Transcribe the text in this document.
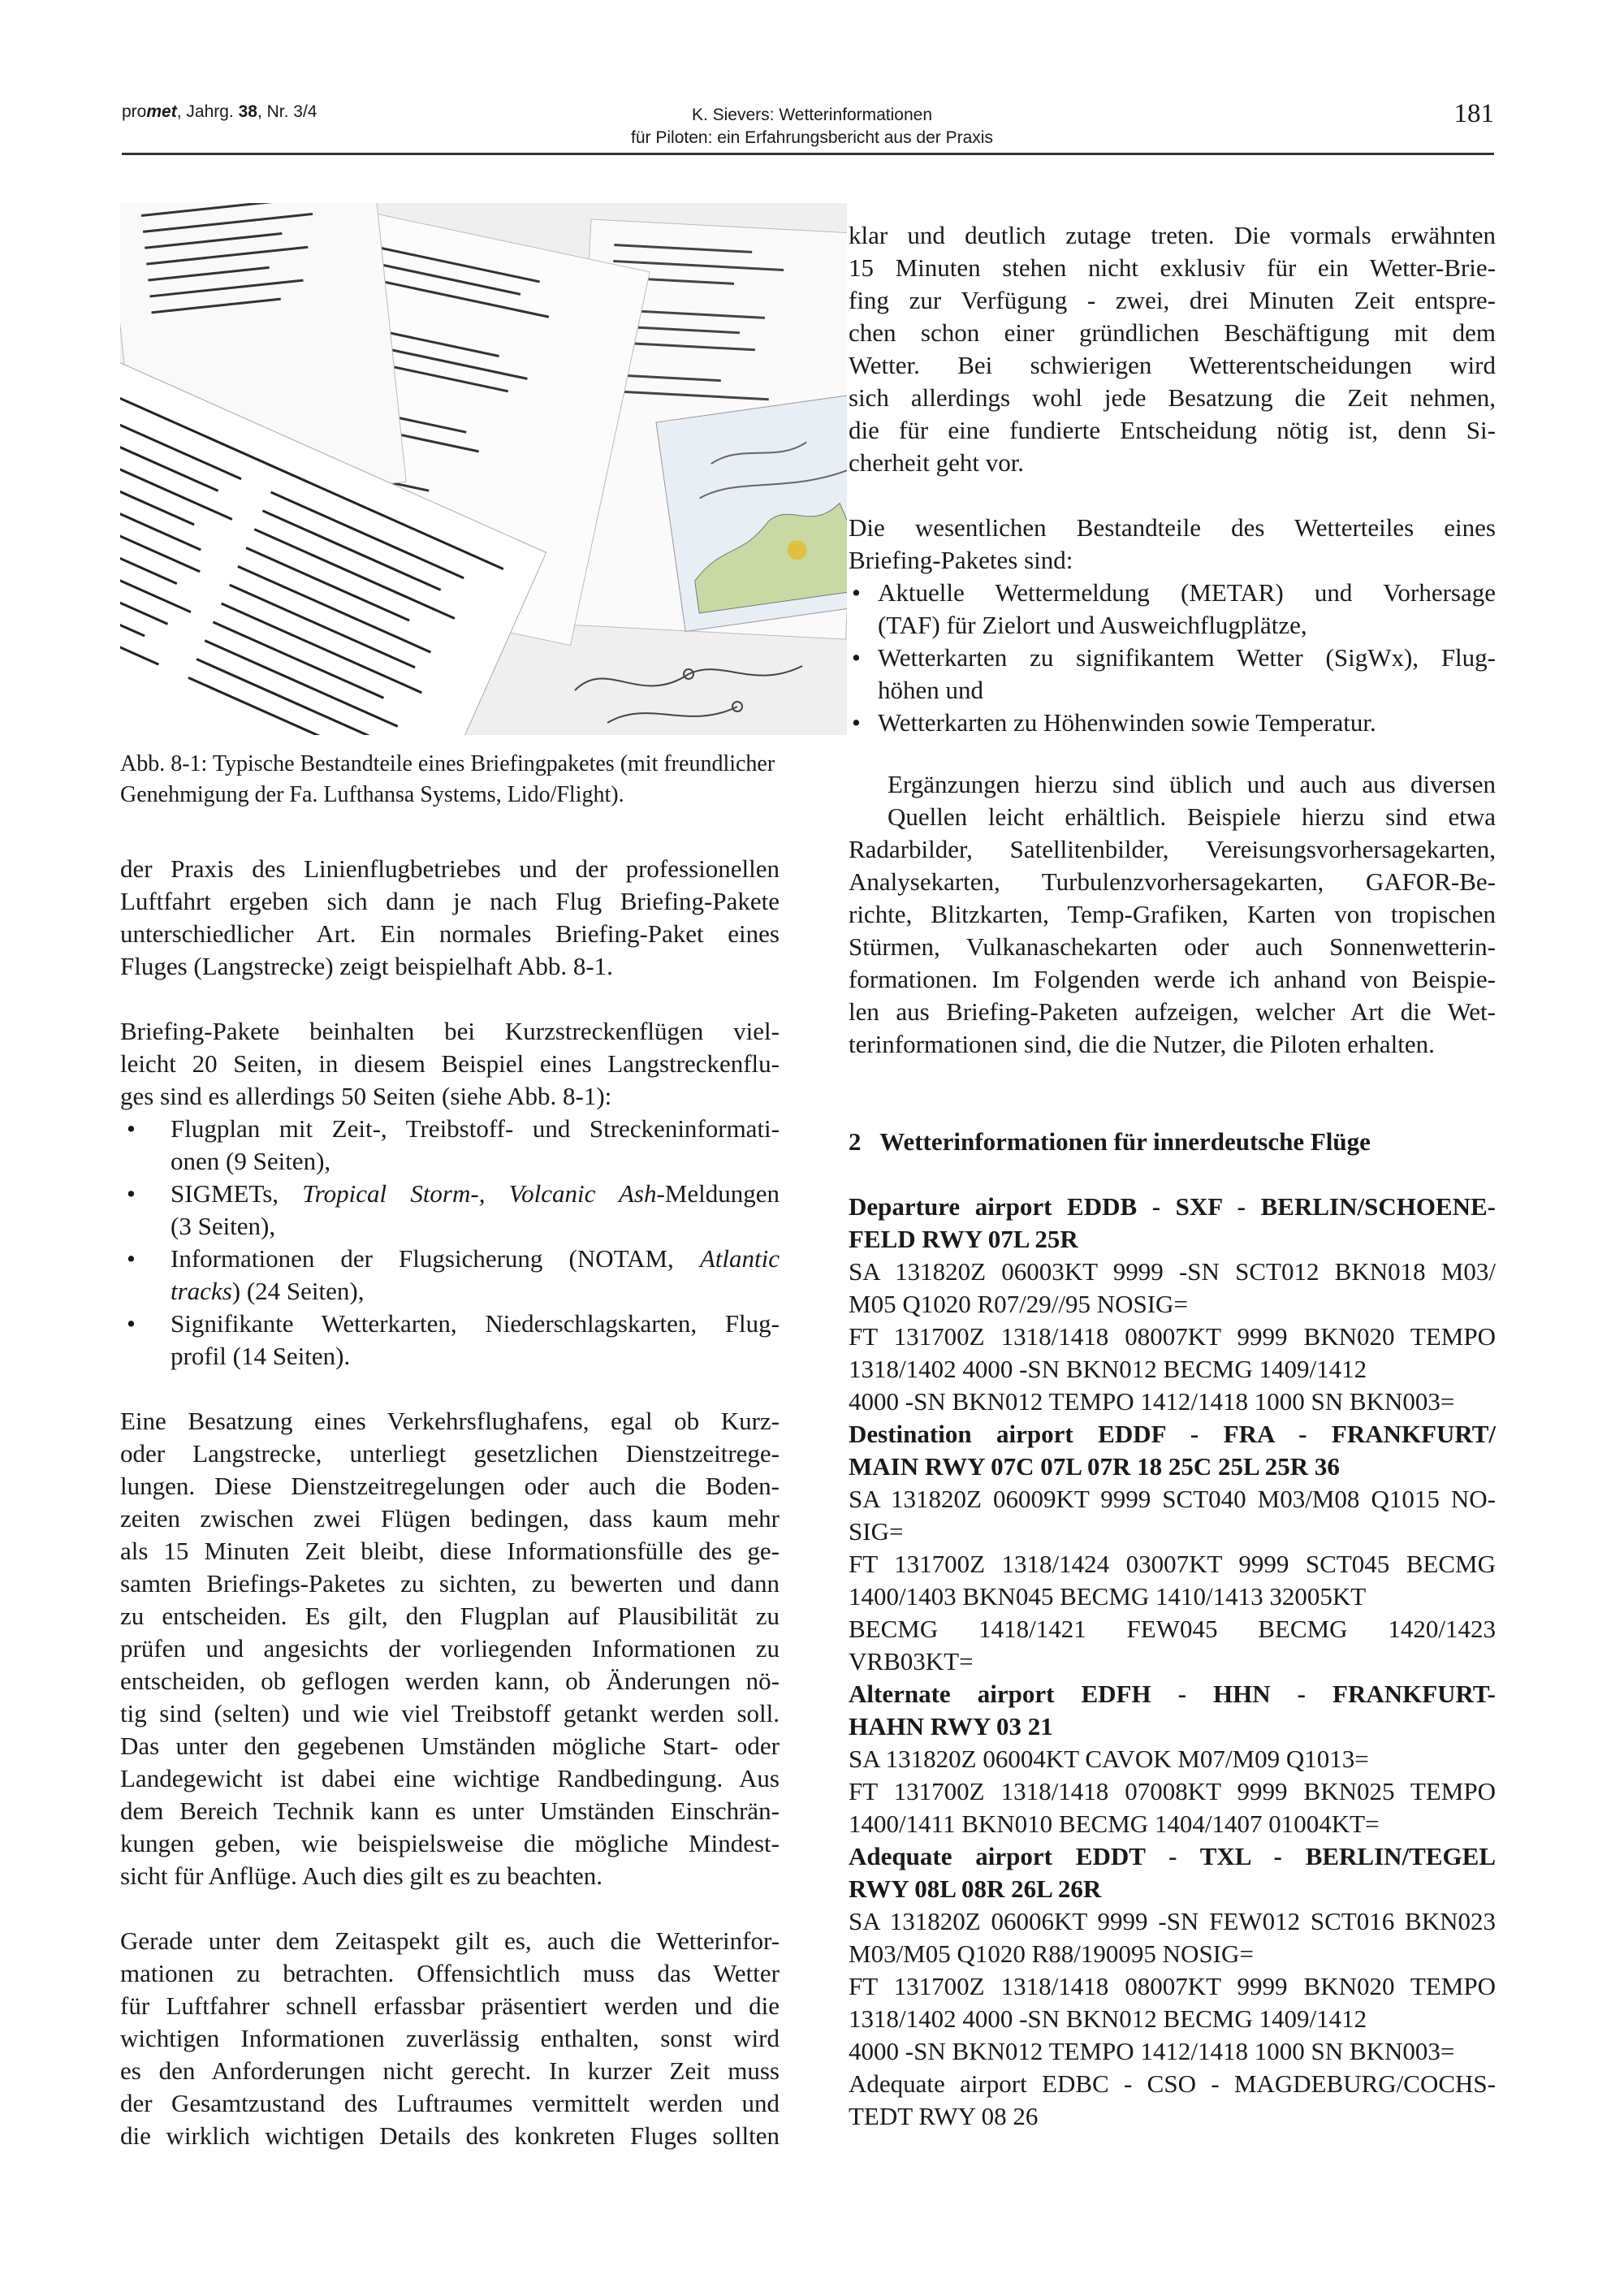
promet, Jahrg. 38, Nr. 3/4	K. Sievers: Wetterinformationen
für Piloten: ein Erfahrungsbericht aus der Praxis
181
Abb. 8-1: Typische Bestandteile eines Briefingpaketes (mit freundlicher
Genehmigung der Fa. Lufthansa Systems, Lido/Flight).
der Praxis des Linienflugbetriebes und der professionellen
Luftfahrt ergeben sich dann je nach Flug Briefing-Pakete
unterschiedlicher Art. Ein normales Briefing-Paket eines
Fluges (Langstrecke) zeigt beispielhaft Abb. 8-1.
Briefing-Pakete beinhalten bei Kurzstreckenflügen viel-
leicht 20 Seiten, in diesem Beispiel eines Langstreckenflu-
ges sind es allerdings 50 Seiten (siehe Abb. 8-1):
• Flugplan mit Zeit-, Treibstoff- und Streckeninformati-
onen (9 Seiten),
• SIGMETs, Tropical Storm-, Volcanic Ash-Meldungen
(3 Seiten),
• Informationen der Flugsicherung (NOTAM, Atlantic
tracks) (24 Seiten),
• Signifikante Wetterkarten, Niederschlagskarten, Flug-
profil (14 Seiten).
Eine Besatzung eines Verkehrsflughafens, egal ob Kurz-
oder Langstrecke, unterliegt gesetzlichen Dienstzeitrege-
lungen. Diese Dienstzeitregelungen oder auch die Boden-
zeiten zwischen zwei Flügen bedingen, dass kaum mehr
als 15 Minuten Zeit bleibt, diese Informationsfülle des ge-
samten Briefings-Paketes zu sichten, zu bewerten und dann
zu entscheiden. Es gilt, den Flugplan auf Plausibilität zu
prüfen und angesichts der vorliegenden Informationen zu
entscheiden, ob geflogen werden kann, ob Änderungen nö-
tig sind (selten) und wie viel Treibstoff getankt werden soll.
Das unter den gegebenen Umständen mögliche Start- oder
Landegewicht ist dabei eine wichtige Randbedingung. Aus
dem Bereich Technik kann es unter Umständen Einschrän-
kungen geben, wie beispielsweise die mögliche Mindest-
sicht für Anflüge. Auch dies gilt es zu beachten.
Gerade unter dem Zeitaspekt gilt es, auch die Wetterinfor-
mationen zu betrachten. Offensichtlich muss das Wetter
für Luftfahrer schnell erfassbar präsentiert werden und die
wichtigen Informationen zuverlässig enthalten, sonst wird
es den Anforderungen nicht gerecht. In kurzer Zeit muss
der Gesamtzustand des Luftraumes vermittelt werden und
die wirklich wichtigen Details des konkreten Fluges sollten
klar und deutlich zutage treten. Die vormals erwähnten
15 Minuten stehen nicht exklusiv für ein Wetter-Brie-
fing zur Verfügung - zwei, drei Minuten Zeit entspre-
chen schon einer gründlichen Beschäftigung mit dem
Wetter. Bei schwierigen Wetterentscheidungen wird
sich allerdings wohl jede Besatzung die Zeit nehmen,
die für eine fundierte Entscheidung nötig ist, denn Si-
cherheit geht vor.
Die wesentlichen Bestandteile des Wetterteiles eines
Briefing-Paketes sind:
• Aktuelle Wettermeldung (METAR) und Vorhersage
(TAF) für Zielort und Ausweichflugplätze,
• Wetterkarten zu signifikantem Wetter (SigWx), Flug-
höhen und
• Wetterkarten zu Höhenwinden sowie Temperatur.
Ergänzungen hierzu sind üblich und auch aus diversen
Quellen leicht erhältlich. Beispiele hierzu sind etwa
Radarbilder, Satellitenbilder, Vereisungsvorhersagekarten,
Analysekarten, Turbulenzvorhersagekarten, GAFOR-Be-
richte, Blitzkarten, Temp-Grafiken, Karten von tropischen
Stürmen, Vulkanaschekarten oder auch Sonnenwetterin-
formationen. Im Folgenden werde ich anhand von Beispie-
len aus Briefing-Paketen aufzeigen, welcher Art die Wet-
terinformationen sind, die die Nutzer, die Piloten erhalten.
2   Wetterinformationen für innerdeutsche Flüge
Departure airport EDDB - SXF - BERLIN/SCHOENE-
FELD RWY 07L 25R
SA 131820Z 06003KT 9999 -SN SCT012 BKN018 M03/
M05 Q1020 R07/29//95 NOSIG=
FT 131700Z 1318/1418 08007KT 9999 BKN020 TEMPO
1318/1402 4000 -SN BKN012 BECMG 1409/1412
4000 -SN BKN012 TEMPO 1412/1418 1000 SN BKN003=
Destination airport EDDF - FRA - FRANKFURT/
MAIN RWY 07C 07L 07R 18 25C 25L 25R 36
SA 131820Z 06009KT 9999 SCT040 M03/M08 Q1015 NO-
SIG=
FT 131700Z 1318/1424 03007KT 9999 SCT045 BECMG
1400/1403 BKN045 BECMG 1410/1413 32005KT
BECMG 1418/1421 FEW045 BECMG 1420/1423
VRB03KT=
Alternate airport EDFH - HHN - FRANKFURT-
HAHN RWY 03 21
SA 131820Z 06004KT CAVOK M07/M09 Q1013=
FT 131700Z 1318/1418 07008KT 9999 BKN025 TEMPO
1400/1411 BKN010 BECMG 1404/1407 01004KT=
Adequate airport EDDT - TXL - BERLIN/TEGEL
RWY 08L 08R 26L 26R
SA 131820Z 06006KT 9999 -SN FEW012 SCT016 BKN023
M03/M05 Q1020 R88/190095 NOSIG=
FT 131700Z 1318/1418 08007KT 9999 BKN020 TEMPO
1318/1402 4000 -SN BKN012 BECMG 1409/1412
4000 -SN BKN012 TEMPO 1412/1418 1000 SN BKN003=
Adequate airport EDBC - CSO - MAGDEBURG/COCHS-
TEDT RWY 08 26
